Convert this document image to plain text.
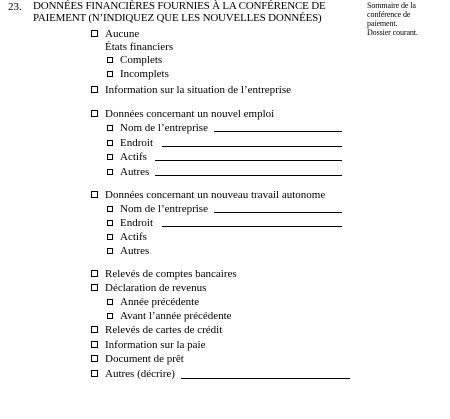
23. DONNÉES FINANCIÈRES FOURNIES À LA CONFÉRENCE DE
PAIEMENT (N’INDIQUEZ QUE LES NOUVELLES DONNÉES)
Sommaire de la
conférence de
paiement.
Dossier courant.
Aucune
États financiers
Complets
Incomplets
Information sur la situation de l’entreprise
Données concernant un nouvel emploi
Nom de l’entreprise
Endroit
Actifs
Autres
Données concernant un nouveau travail autonome
Nom de l’entreprise
Endroit
Actifs
Autres
Relevés de comptes bancaires
Déclaration de revenus
Année précédente
Avant l’année précédente
Relevés de cartes de crédit
Information sur la paie
Document de prêt
Autres (décrire)
